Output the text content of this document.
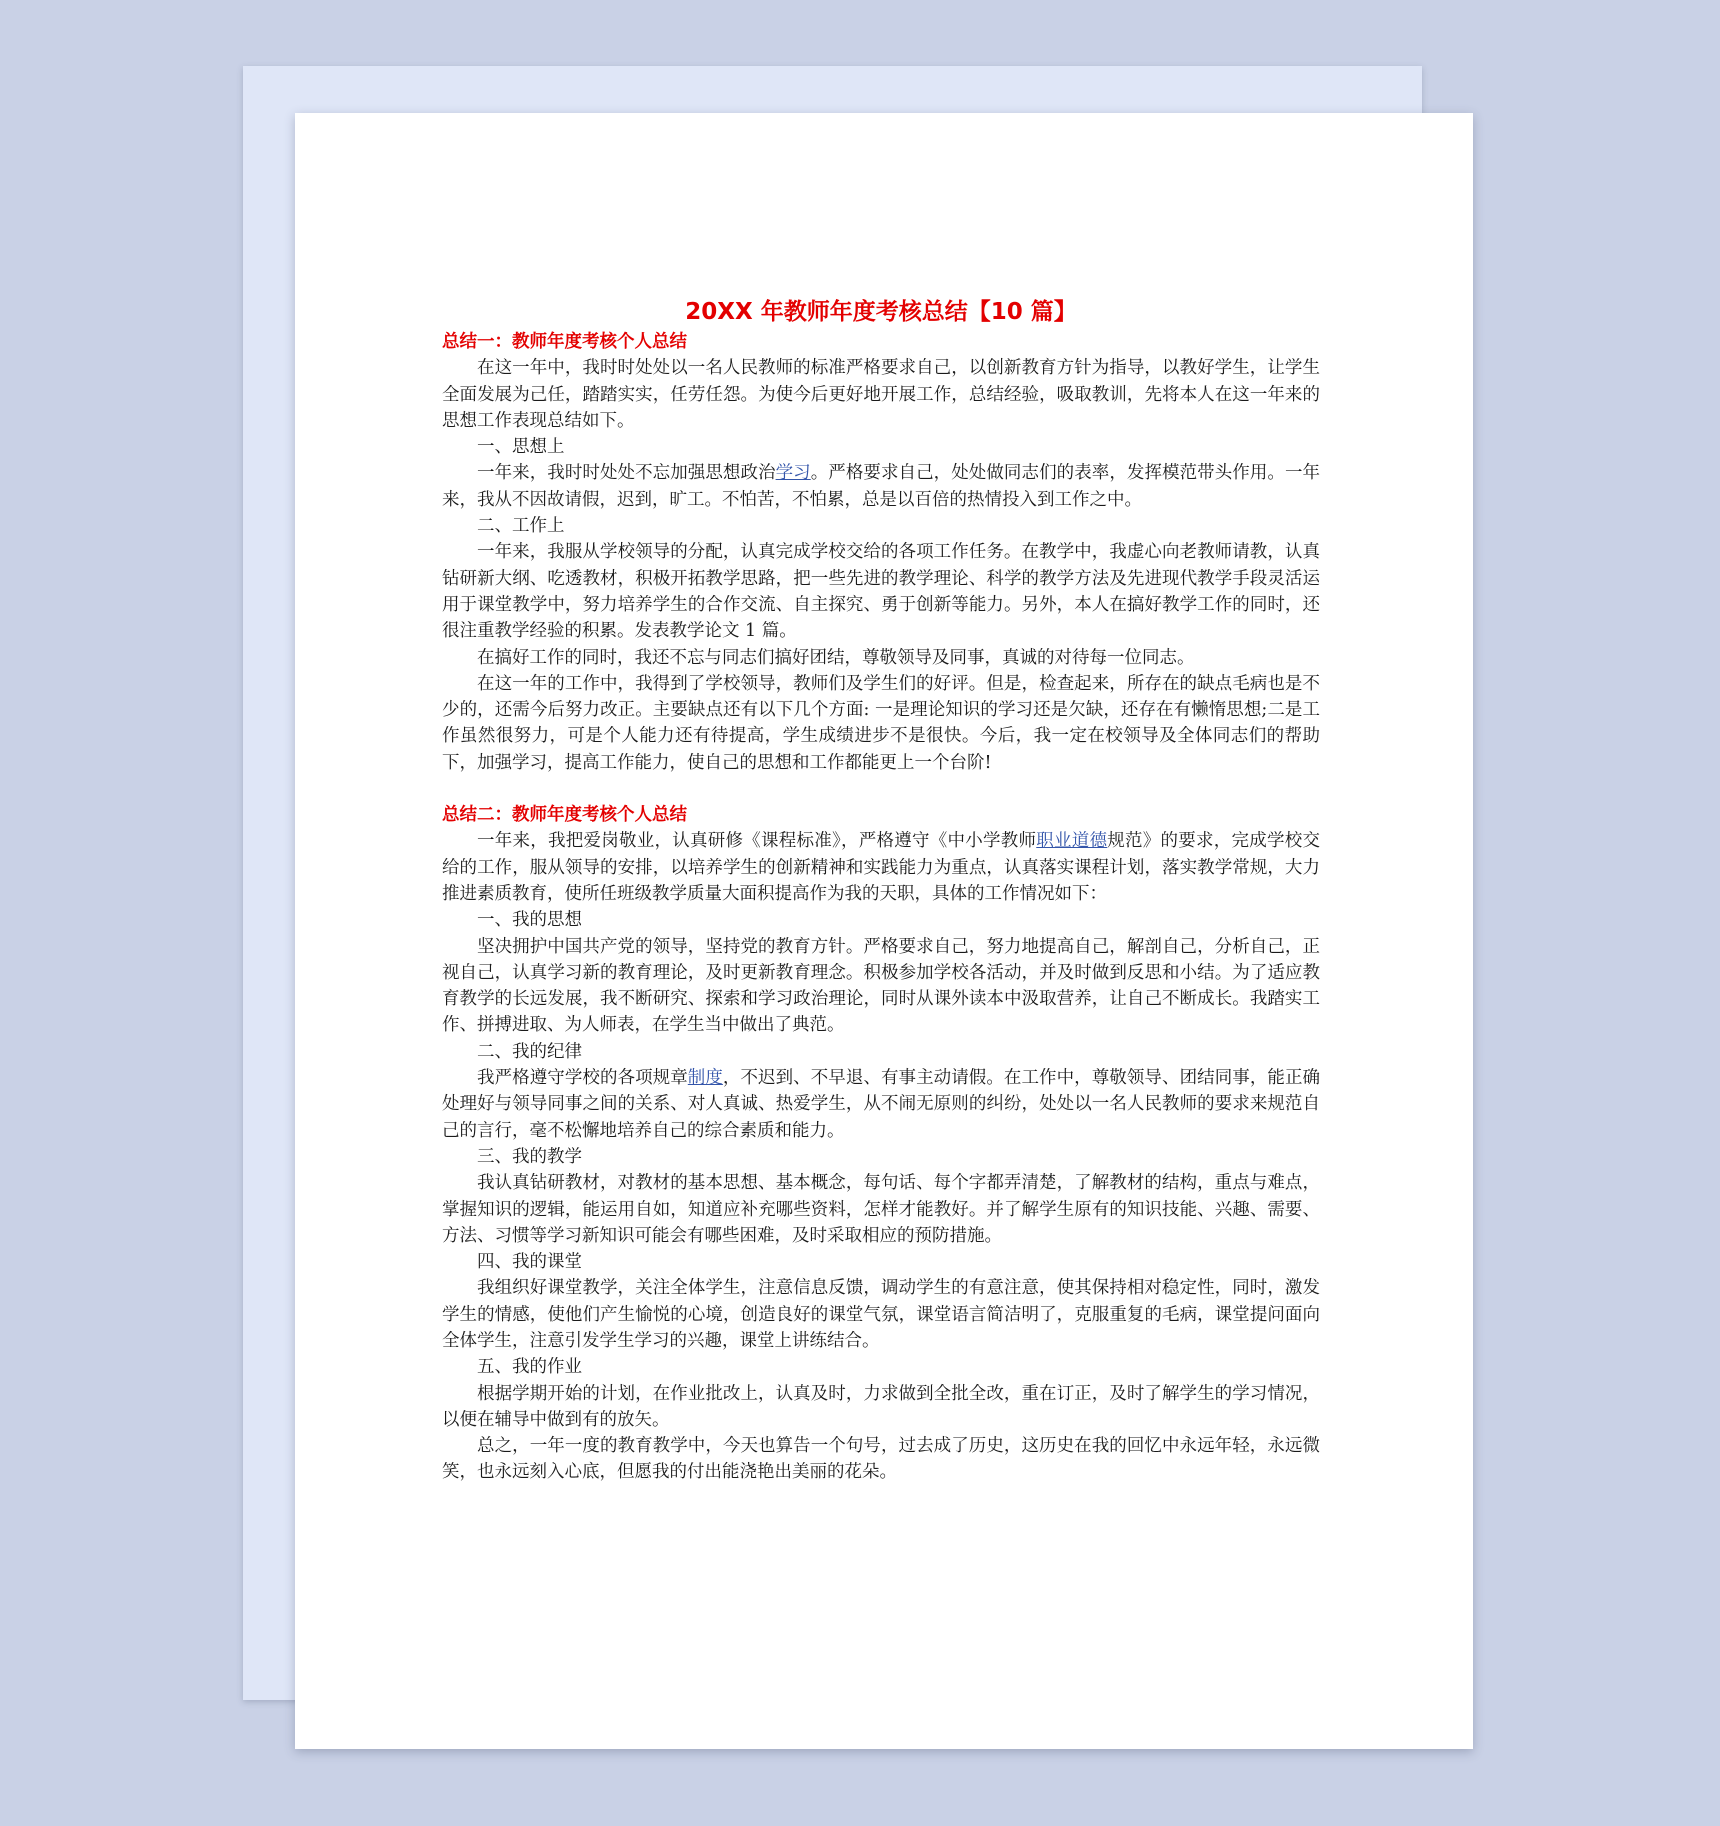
20XX 年教师年度考核总结【10 篇】
总结一：教师年度考核个人总结

在这一年中，我时时处处以一名人民教师的标准严格要求自己，以创新教育方针为指导，以教好学生，让学生全面发展为己任，踏踏实实，任劳任怨。为使今后更好地开展工作，总结经验，吸取教训，先将本人在这一年来的思想工作表现总结如下。

一、思想上

一年来，我时时处处不忘加强思想政治学习。严格要求自己，处处做同志们的表率，发挥模范带头作用。一年来，我从不因故请假，迟到，旷工。不怕苦，不怕累，总是以百倍的热情投入到工作之中。

二、工作上

一年来，我服从学校领导的分配，认真完成学校交给的各项工作任务。在教学中，我虚心向老教师请教，认真钻研新大纲、吃透教材，积极开拓教学思路，把一些先进的教学理论、科学的教学方法及先进现代教学手段灵活运用于课堂教学中，努力培养学生的合作交流、自主探究、勇于创新等能力。另外，本人在搞好教学工作的同时，还很注重教学经验的积累。发表教学论文 1 篇。

在搞好工作的同时，我还不忘与同志们搞好团结，尊敬领导及同事，真诚的对待每一位同志。

在这一年的工作中，我得到了学校领导，教师们及学生们的好评。但是，检查起来，所存在的缺点毛病也是不少的，还需今后努力改正。主要缺点还有以下几个方面: 一是理论知识的学习还是欠缺，还存在有懒惰思想;二是工作虽然很努力，可是个人能力还有待提高，学生成绩进步不是很快。今后，我一定在校领导及全体同志们的帮助下，加强学习，提高工作能力，使自己的思想和工作都能更上一个台阶!

总结二：教师年度考核个人总结

一年来，我把爱岗敬业，认真研修《课程标准》，严格遵守《中小学教师职业道德规范》的要求，完成学校交给的工作，服从领导的安排，以培养学生的创新精神和实践能力为重点，认真落实课程计划，落实教学常规，大力推进素质教育，使所任班级教学质量大面积提高作为我的天职，具体的工作情况如下：

一、我的思想

坚决拥护中国共产党的领导，坚持党的教育方针。严格要求自己，努力地提高自己，解剖自己，分析自己，正视自己，认真学习新的教育理论，及时更新教育理念。积极参加学校各活动，并及时做到反思和小结。为了适应教育教学的长远发展，我不断研究、探索和学习政治理论，同时从课外读本中汲取营养，让自己不断成长。我踏实工作、拼搏进取、为人师表，在学生当中做出了典范。

二、我的纪律

我严格遵守学校的各项规章制度，不迟到、不早退、有事主动请假。在工作中，尊敬领导、团结同事，能正确处理好与领导同事之间的关系、对人真诚、热爱学生，从不闹无原则的纠纷，处处以一名人民教师的要求来规范自己的言行，毫不松懈地培养自己的综合素质和能力。

三、我的教学

我认真钻研教材，对教材的基本思想、基本概念，每句话、每个字都弄清楚，了解教材的结构，重点与难点，掌握知识的逻辑，能运用自如，知道应补充哪些资料，怎样才能教好。并了解学生原有的知识技能、兴趣、需要、方法、习惯等学习新知识可能会有哪些困难，及时采取相应的预防措施。

四、我的课堂

我组织好课堂教学，关注全体学生，注意信息反馈，调动学生的有意注意，使其保持相对稳定性，同时，激发学生的情感，使他们产生愉悦的心境，创造良好的课堂气氛，课堂语言简洁明了，克服重复的毛病，课堂提问面向全体学生，注意引发学生学习的兴趣，课堂上讲练结合。

五、我的作业

根据学期开始的计划，在作业批改上，认真及时，力求做到全批全改，重在订正，及时了解学生的学习情况，以便在辅导中做到有的放矢。

总之，一年一度的教育教学中，今天也算告一个句号，过去成了历史，这历史在我的回忆中永远年轻，永远微笑，也永远刻入心底，但愿我的付出能浇艳出美丽的花朵。
